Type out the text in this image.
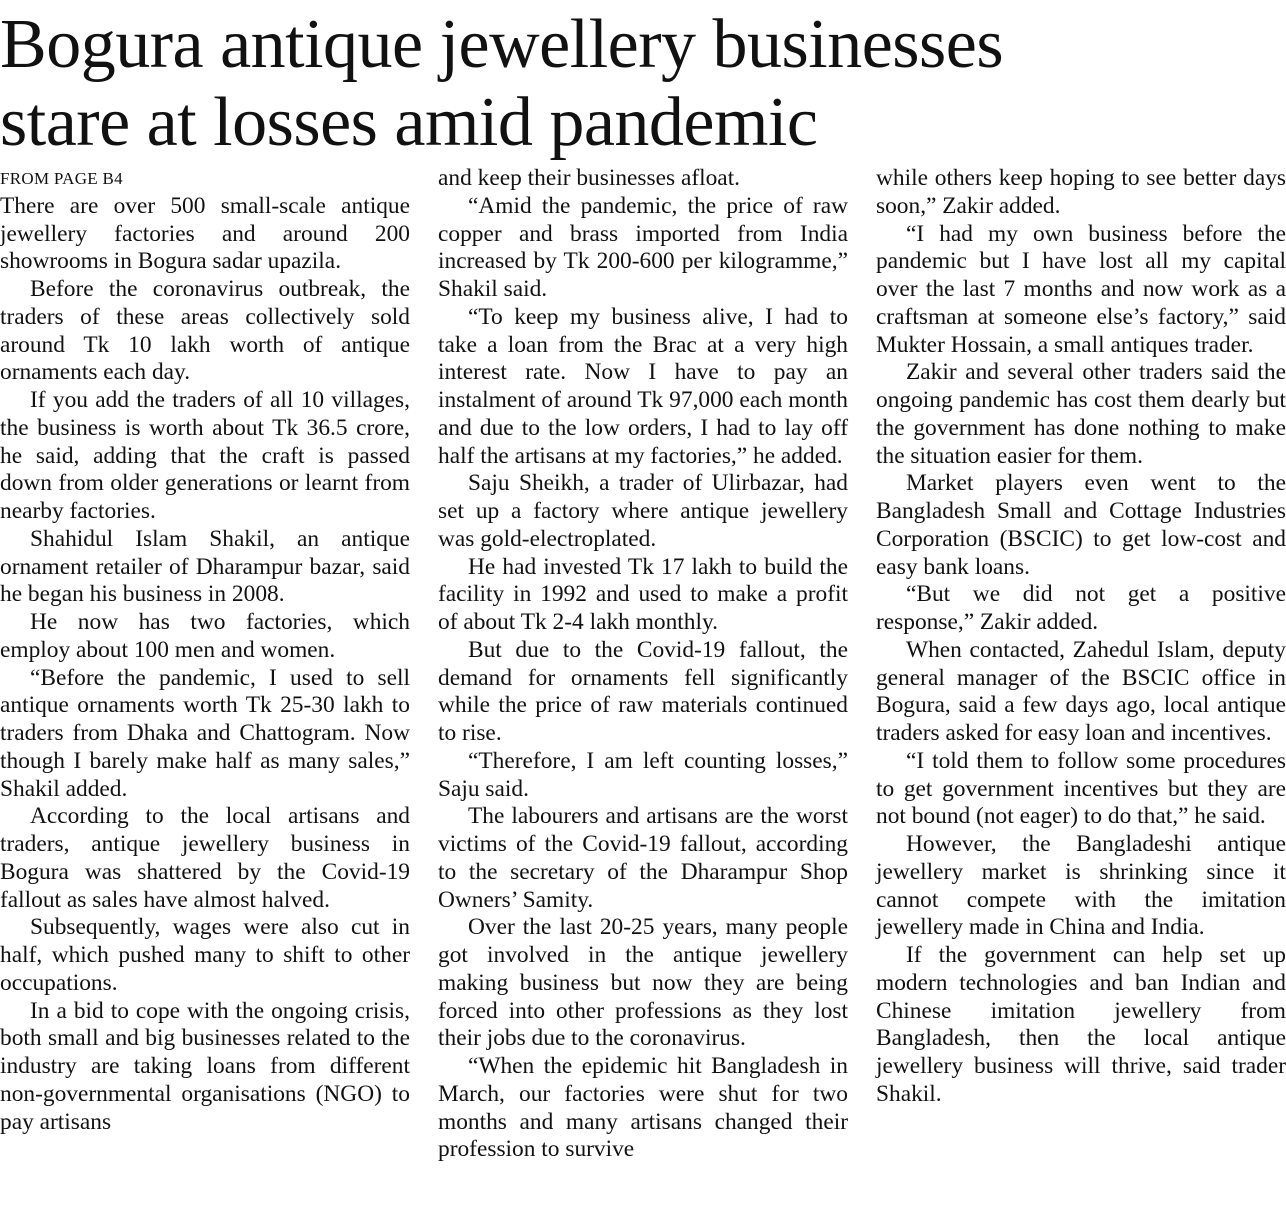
Bogura antique jewellery businesses
stare at losses amid pandemic
FROM PAGE B4

There are over 500 small-scale antique jewellery factories and around 200 showrooms in Bogura sadar upazila.

Before the coronavirus outbreak, the traders of these areas collectively sold around Tk 10 lakh worth of antique ornaments each day.

If you add the traders of all 10 villages, the business is worth about Tk 36.5 crore, he said, adding that the craft is passed down from older generations or learnt from nearby factories.

Shahidul Islam Shakil, an antique ornament retailer of Dharampur bazar, said he began his business in 2008.

He now has two factories, which employ about 100 men and women.

“Before the pandemic, I used to sell antique ornaments worth Tk 25-30 lakh to traders from Dhaka and Chattogram. Now though I barely make half as many sales,” Shakil added.

According to the local artisans and traders, antique jewellery business in Bogura was shattered by the Covid-19 fallout as sales have almost halved.

Subsequently, wages were also cut in half, which pushed many to shift to other occupations.

In a bid to cope with the ongoing crisis, both small and big businesses related to the industry are taking loans from different non-governmental organisations (NGO) to pay artisans

and keep their businesses afloat.

“Amid the pandemic, the price of raw copper and brass imported from India increased by Tk 200-600 per kilogramme,” Shakil said.

“To keep my business alive, I had to take a loan from the Brac at a very high interest rate. Now I have to pay an instalment of around Tk 97,000 each month and due to the low orders, I had to lay off half the artisans at my factories,” he added.

Saju Sheikh, a trader of Ulirbazar, had set up a factory where antique jewellery was gold-electroplated.

He had invested Tk 17 lakh to build the facility in 1992 and used to make a profit of about Tk 2-4 lakh monthly.

But due to the Covid-19 fallout, the demand for ornaments fell significantly while the price of raw materials continued to rise.

“Therefore, I am left counting losses,” Saju said.

The labourers and artisans are the worst victims of the Covid-19 fallout, according to the secretary of the Dharampur Shop Owners’ Samity.

Over the last 20-25 years, many people got involved in the antique jewellery making business but now they are being forced into other professions as they lost their jobs due to the coronavirus.

“When the epidemic hit Bangladesh in March, our factories were shut for two months and many artisans changed their profession to survive

while others keep hoping to see better days soon,” Zakir added.

“I had my own business before the pandemic but I have lost all my capital over the last 7 months and now work as a craftsman at someone else’s factory,” said Mukter Hossain, a small antiques trader.

Zakir and several other traders said the ongoing pandemic has cost them dearly but the government has done nothing to make the situation easier for them.

Market players even went to the Bangladesh Small and Cottage Industries Corporation (BSCIC) to get low-cost and easy bank loans.

“But we did not get a positive response,” Zakir added.

When contacted, Zahedul Islam, deputy general manager of the BSCIC office in Bogura, said a few days ago, local antique traders asked for easy loan and incentives.

“I told them to follow some procedures to get government incentives but they are not bound (not eager) to do that,” he said.

However, the Bangladeshi antique jewellery market is shrinking since it cannot compete with the imitation jewellery made in China and India.

If the government can help set up modern technologies and ban Indian and Chinese imitation jewellery from Bangladesh, then the local antique jewellery business will thrive, said trader Shakil.
